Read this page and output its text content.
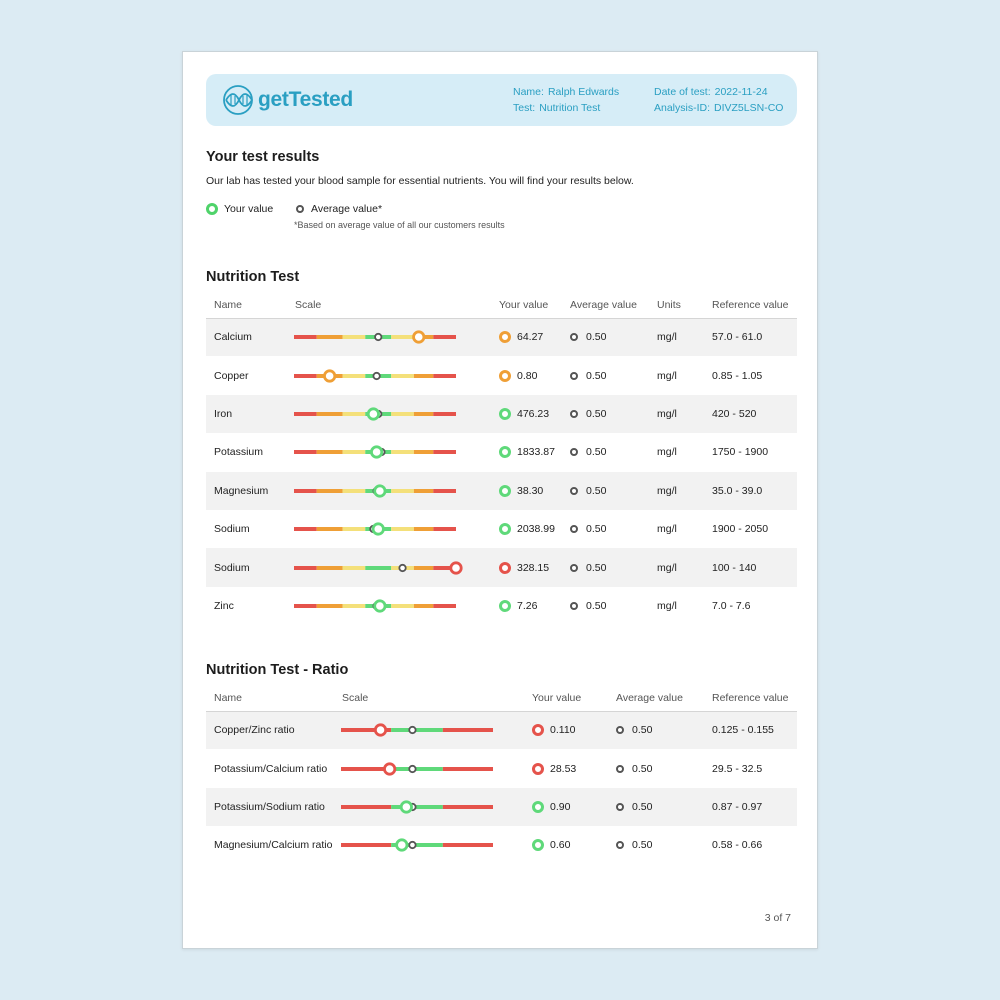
getTested	Name: Ralph Edwards
Test: Nutrition Test
Date of test: 2022-11-24
Analysis-ID: DIVZ5LSN-CO
Your test results
Our lab has tested your blood sample for essential nutrients. You will find your results below.
Your value	Average value*
*Based on average value of all our customers results
Nutrition Test
Name	Scale	Your value	Average value	Units	Reference value

Calcium		64.27	0.50	mg/l	57.0 - 61.0

Copper		0.80	0.50	mg/l	0.85 - 1.05

Iron		476.23	0.50	mg/l	420 - 520

Potassium		1833.87	0.50	mg/l	1750 - 1900

Magnesium		38.30	0.50	mg/l	35.0 - 39.0

Sodium		2038.99	0.50	mg/l	1900 - 2050

Sodium		328.15	0.50	mg/l	100 - 140

Zinc		7.26	0.50	mg/l	7.0 - 7.6
Nutrition Test - Ratio
Name	Scale	Your value	Average value	Reference value

Copper/Zinc ratio		0.110	0.50	0.125 - 0.155

Potassium/Calcium ratio		28.53	0.50	29.5 - 32.5

Potassium/Sodium ratio		0.90	0.50	0.87 - 0.97

Magnesium/Calcium ratio		0.60	0.50	0.58 - 0.66
3 of 7
